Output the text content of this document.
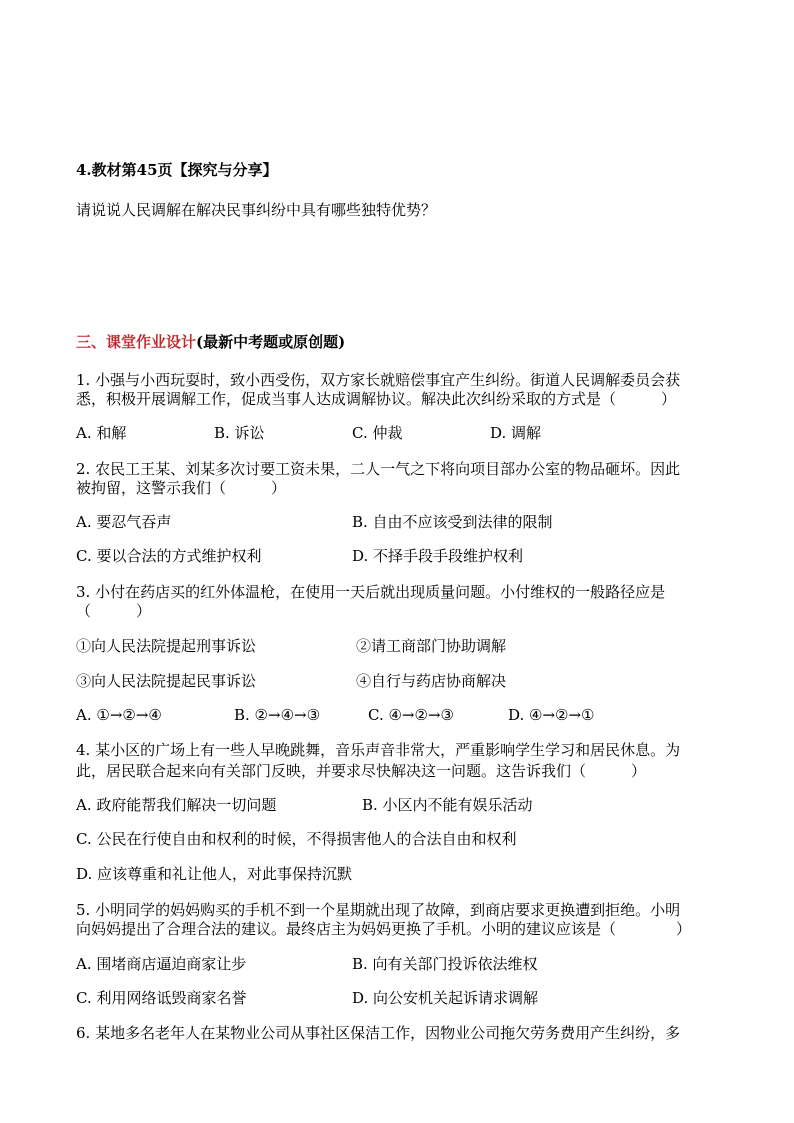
4.教材第45页【探究与分享】
请说说人民调解在解决民事纠纷中具有哪些独特优势？
三、课堂作业设计(最新中考题或原创题)
1. 小强与小西玩耍时，致小西受伤，双方家长就赔偿事宜产生纠纷。街道人民调解委员会获
悉，积极开展调解工作，促成当事人达成调解协议。解决此次纠纷采取的方式是（　　　）
A. 和解	B. 诉讼	C. 仲裁	D. 调解
2. 农民工王某、刘某多次讨要工资未果，二人一气之下将向项目部办公室的物品砸坏。因此
被拘留，这警示我们（　　　）
A. 要忍气吞声	B. 自由不应该受到法律的限制
C. 要以合法的方式维护权利	D. 不择手段手段维护权利
3. 小付在药店买的红外体温枪，在使用一天后就出现质量问题。小付维权的一般路径应是
（　　　）
①向人民法院提起刑事诉讼	②请工商部门协助调解
③向人民法院提起民事诉讼	④自行与药店协商解决
A. ①→②→④	B. ②→④→③	C. ④→②→③	D. ④→②→①
4. 某小区的广场上有一些人早晚跳舞，音乐声音非常大，严重影响学生学习和居民休息。为
此，居民联合起来向有关部门反映，并要求尽快解决这一问题。这告诉我们（　　　）
A. 政府能帮我们解决一切问题	B. 小区内不能有娱乐活动
C. 公民在行使自由和权利的时候，不得损害他人的合法自由和权利
D. 应该尊重和礼让他人，对此事保持沉默
5. 小明同学的妈妈购买的手机不到一个星期就出现了故障，到商店要求更换遭到拒绝。小明
向妈妈提出了合理合法的建议。最终店主为妈妈更换了手机。小明的建议应该是（　　　　）
A. 围堵商店逼迫商家让步	B. 向有关部门投诉依法维权
C. 利用网络诋毁商家名誉	D. 向公安机关起诉请求调解
6. 某地多名老年人在某物业公司从事社区保洁工作，因物业公司拖欠劳务费用产生纠纷，多
